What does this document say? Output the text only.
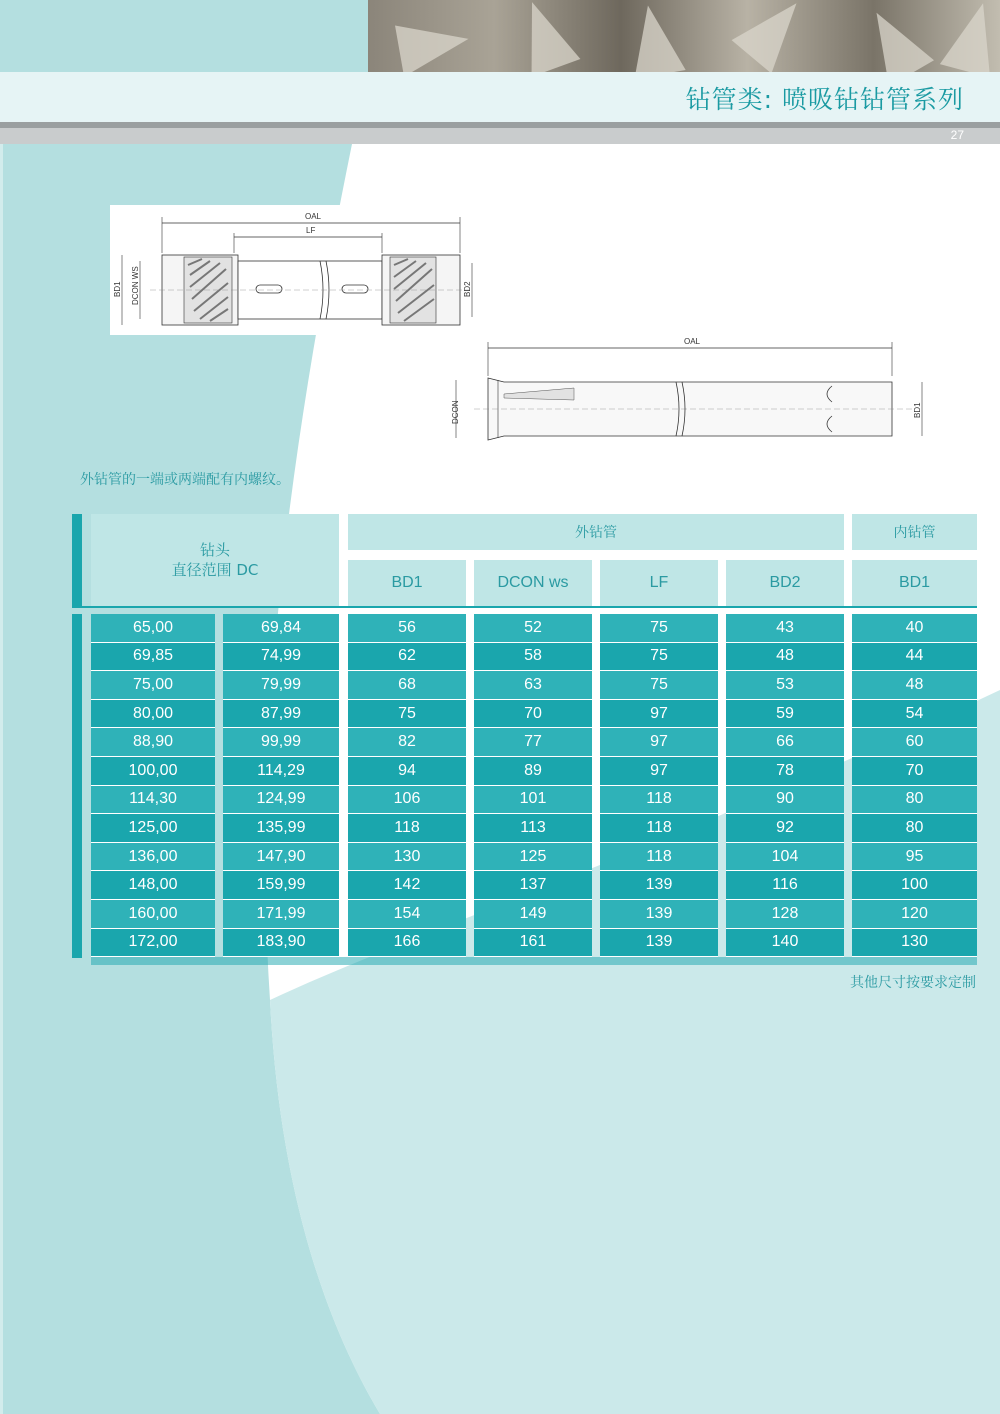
钻管类: 喷吸钻钻管系列
27
OAL
LF
BD1 DCON WS	BD2
OAL
DCON	BD1
外钻管的一端或两端配有内螺纹。
钻头
直径范围 DC
外钻管	内钻管
BD1	DCON ws	LF	BD2	BD1
65,00	69,84	56	52	75	43	40
69,85	74,99	62	58	75	48	44
75,00	79,99	68	63	75	53	48
80,00	87,99	75	70	97	59	54
88,90	99,99	82	77	97	66	60
100,00	114,29	94	89	97	78	70
114,30	124,99	106	101	118	90	80
125,00	135,99	118	113	118	92	80
136,00	147,90	130	125	118	104	95
148,00	159,99	142	137	139	116	100
160,00	171,99	154	149	139	128	120
172,00	183,90	166	161	139	140	130
其他尺寸按要求定制
